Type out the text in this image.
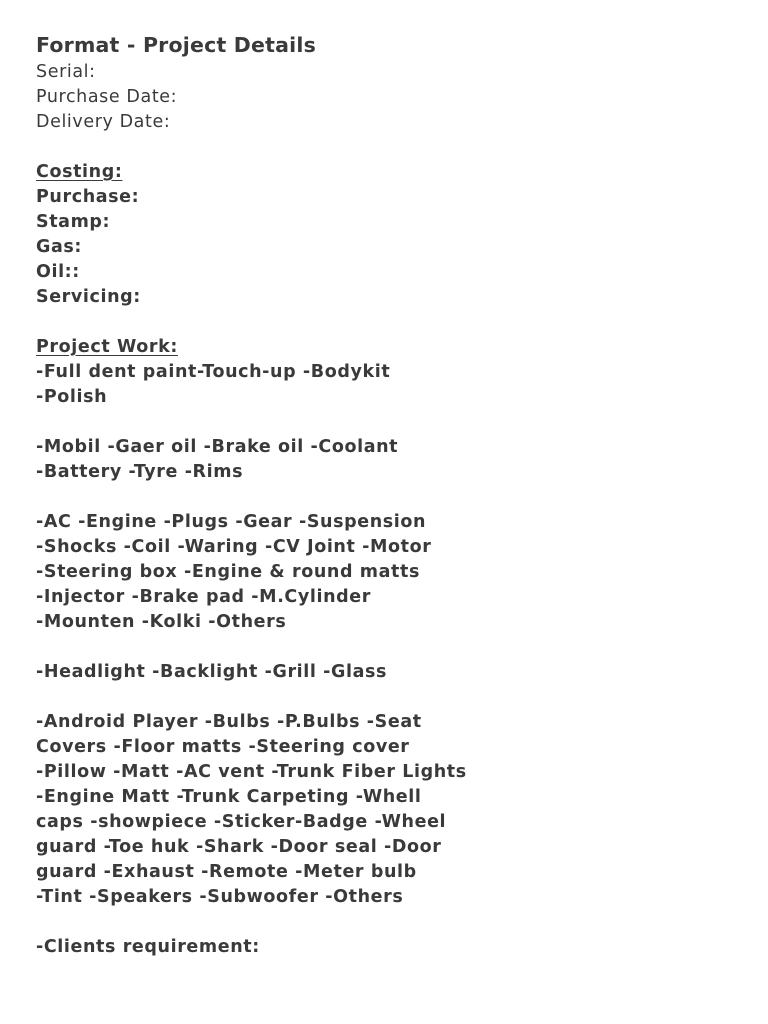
Format - Project Details
Serial:
Purchase Date:
Delivery Date:
Costing:
Purchase:
Stamp:
Gas:
Oil::
Servicing:
Project Work:
-Full dent paint-Touch-up -Bodykit
-Polish
-Mobil -Gaer oil -Brake oil -Coolant
-Battery -Tyre -Rims
-AC -Engine -Plugs -Gear -Suspension
-Shocks -Coil -Waring -CV Joint -Motor
-Steering box -Engine & round matts
-Injector -Brake pad -M.Cylinder
-Mounten -Kolki -Others
-Headlight -Backlight -Grill -Glass
-Android Player -Bulbs -P.Bulbs -Seat
Covers -Floor matts -Steering cover
-Pillow -Matt -AC vent -Trunk Fiber Lights
-Engine Matt -Trunk Carpeting -Whell
caps -showpiece -Sticker-Badge -Wheel
guard -Toe huk -Shark -Door seal -Door
guard -Exhaust -Remote -Meter bulb
-Tint -Speakers -Subwoofer -Others
-Clients requirement:
